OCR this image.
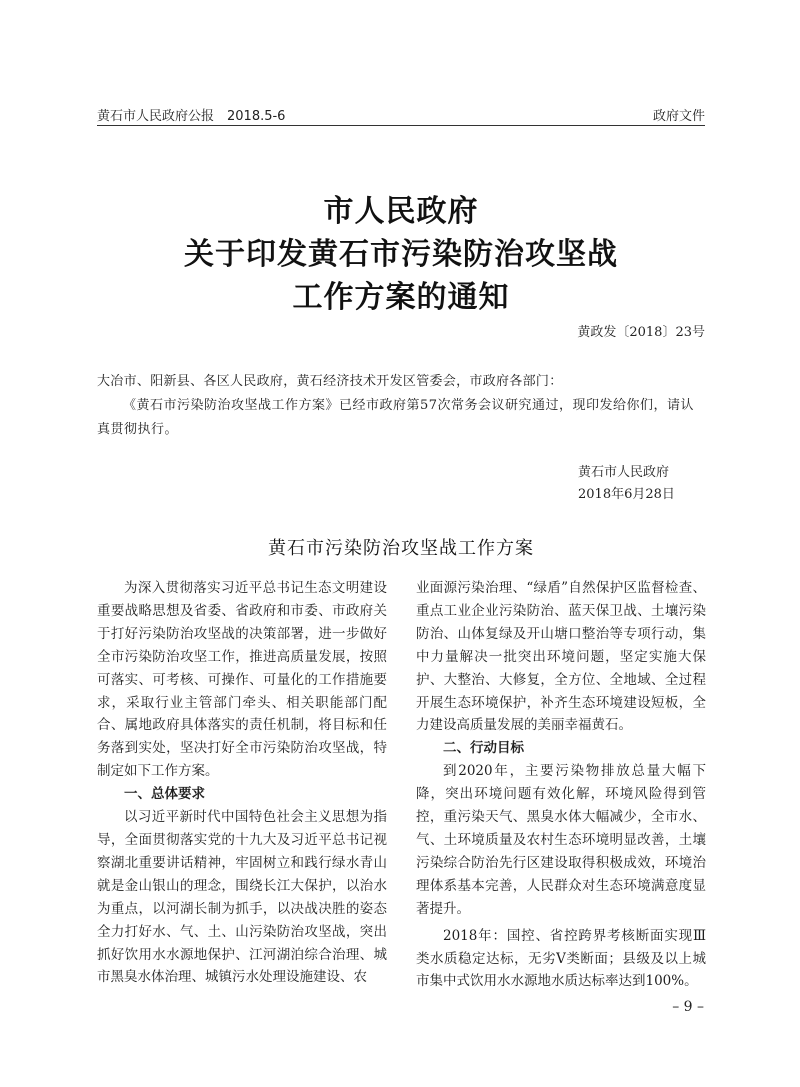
黄石市人民政府公报　2018.5-6	政府文件
市人民政府
关于印发黄石市污染防治攻坚战
工作方案的通知
黄政发〔2018〕23号
大冶市、阳新县、各区人民政府，黄石经济技术开发区管委会，市政府各部门：
《黄石市污染防治攻坚战工作方案》已经市政府第57次常务会议研究通过，现印发给你们，请认真贯彻执行。
黄石市人民政府
2018年6月28日
黄石市污染防治攻坚战工作方案

为深入贯彻落实习近平总书记生态文明建设重要战略思想及省委、省政府和市委、市政府关于打好污染防治攻坚战的决策部署，进一步做好全市污染防治攻坚工作，推进高质量发展，按照可落实、可考核、可操作、可量化的工作措施要求，采取行业主管部门牵头、相关职能部门配合、属地政府具体落实的责任机制，将目标和任务落到实处，坚决打好全市污染防治攻坚战，特制定如下工作方案。

一、总体要求

以习近平新时代中国特色社会主义思想为指导，全面贯彻落实党的十九大及习近平总书记视察湖北重要讲话精神，牢固树立和践行绿水青山就是金山银山的理念，围绕长江大保护，以治水为重点，以河湖长制为抓手，以决战决胜的姿态全力打好水、气、土、山污染防治攻坚战，突出抓好饮用水水源地保护、江河湖泊综合治理、城市黑臭水体治理、城镇污水处理设施建设、农

业面源污染治理、“绿盾”自然保护区监督检查、重点工业企业污染防治、蓝天保卫战、土壤污染防治、山体复绿及开山塘口整治等专项行动，集中力量解决一批突出环境问题，坚定实施大保护、大整治、大修复，全方位、全地域、全过程开展生态环境保护，补齐生态环境建设短板，全力建设高质量发展的美丽幸福黄石。

二、行动目标

到2020年，主要污染物排放总量大幅下降，突出环境问题有效化解，环境风险得到管控，重污染天气、黑臭水体大幅减少，全市水、气、土环境质量及农村生态环境明显改善，土壤污染综合防治先行区建设取得积极成效，环境治理体系基本完善，人民群众对生态环境满意度显著提升。

2018年：国控、省控跨界考核断面实现Ⅲ类水质稳定达标，无劣Ⅴ类断面；县级及以上城市集中式饮用水水源地水质达标率达到100%。

– 9 –
